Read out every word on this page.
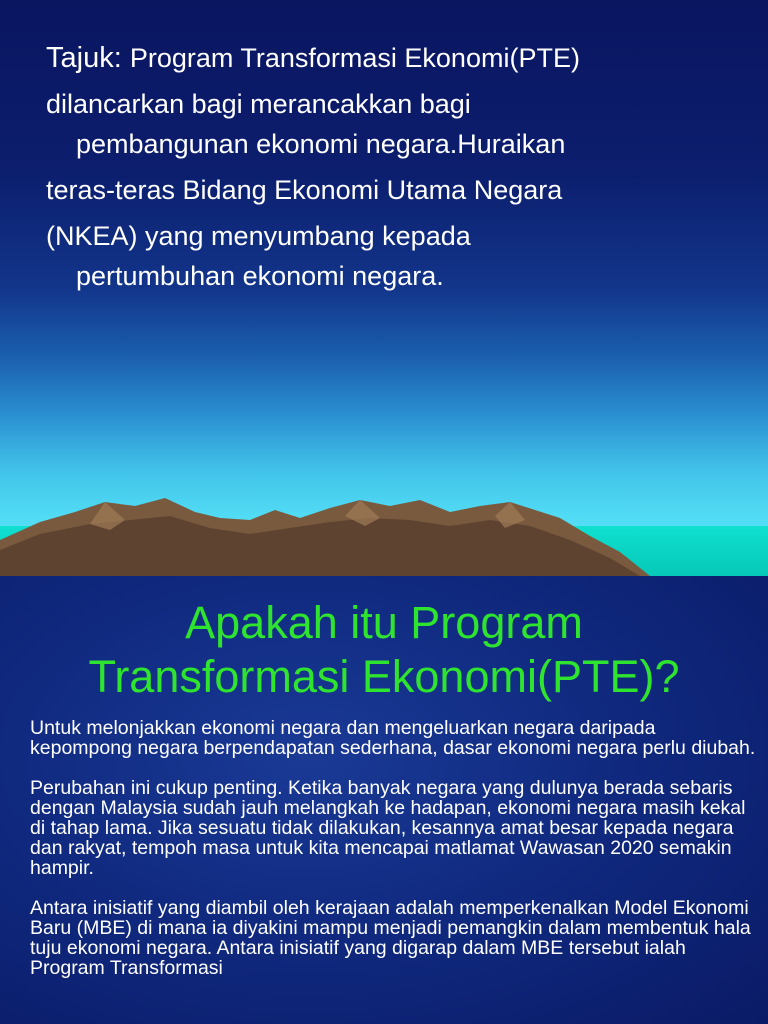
Tajuk: Program Transformasi Ekonomi(PTE)

dilancarkan bagi merancakkan bagi

pembangunan ekonomi negara.Huraikan

teras-teras Bidang Ekonomi Utama Negara

(NKEA) yang menyumbang kepada

pertumbuhan ekonomi negara.

Apakah itu Program
Transformasi Ekonomi(PTE)?

Untuk melonjakkan ekonomi negara dan mengeluarkan negara daripada kepompong negara berpendapatan sederhana, dasar ekonomi negara perlu diubah.

Perubahan ini cukup penting. Ketika banyak negara yang dulunya berada sebaris dengan Malaysia sudah jauh melangkah ke hadapan, ekonomi negara masih kekal di tahap lama. Jika sesuatu tidak dilakukan, kesannya amat besar kepada negara dan rakyat, tempoh masa untuk kita mencapai matlamat Wawasan 2020 semakin hampir.

Antara inisiatif yang diambil oleh kerajaan adalah memperkenalkan Model Ekonomi Baru (MBE) di mana ia diyakini mampu menjadi pemangkin dalam membentuk hala tuju ekonomi negara. Antara inisiatif yang digarap dalam MBE tersebut ialah Program Transformasi
